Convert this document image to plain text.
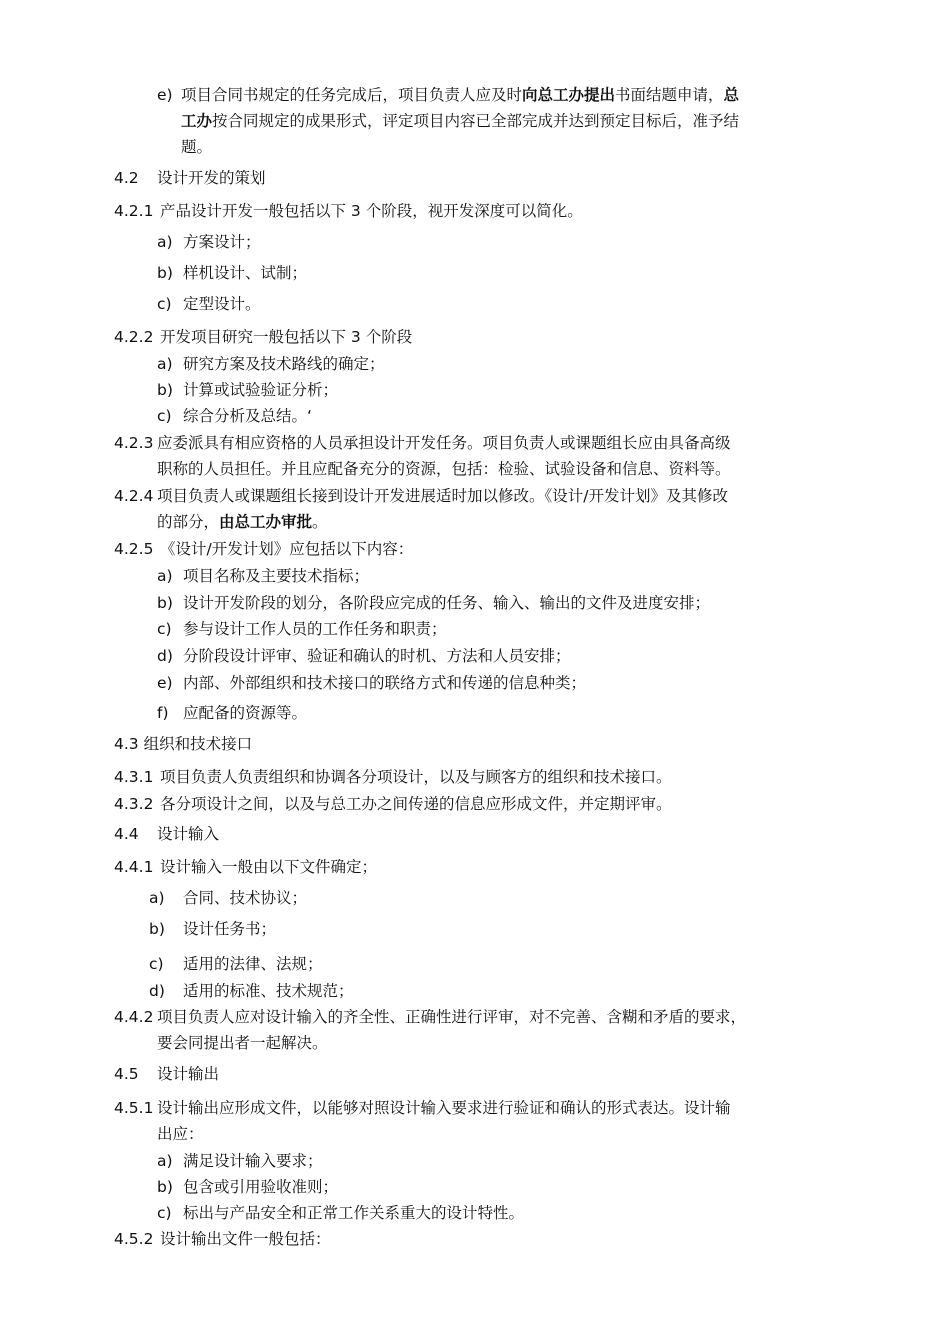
e) 项目合同书规定的任务完成后，项目负责人应及时向总工办提出书面结题申请，总
工办按合同规定的成果形式，评定项目内容已全部完成并达到预定目标后，准予结
题。
4.2 设计开发的策划
4.2.1 产品设计开发一般包括以下 3 个阶段，视开发深度可以简化。
a) 方案设计；
b) 样机设计、试制；
c) 定型设计。
4.2.2 开发项目研究一般包括以下 3 个阶段
a) 研究方案及技术路线的确定；
b) 计算或试验验证分析；
c) 综合分析及总结。‘
4.2.3 应委派具有相应资格的人员承担设计开发任务。项目负责人或课题组长应由具备高级
职称的人员担任。并且应配备充分的资源，包括：检验、试验设备和信息、资料等。
4.2.4 项目负责人或课题组长接到设计开发进展适时加以修改。《设计/开发计划》及其修改
的部分，由总工办审批。
4.2.5 《设计/开发计划》应包括以下内容：
a) 项目名称及主要技术指标；
b) 设计开发阶段的划分，各阶段应完成的任务、输入、输出的文件及进度安排；
c) 参与设计工作人员的工作任务和职责；
d) 分阶段设计评审、验证和确认的时机、方法和人员安排；
e) 内部、外部组织和技术接口的联络方式和传递的信息种类；
f) 应配备的资源等。
4.3 组织和技术接口
4.3.1 项目负责人负责组织和协调各分项设计，以及与顾客方的组织和技术接口。
4.3.2 各分项设计之间，以及与总工办之间传递的信息应形成文件，并定期评审。
4.4 设计输入
4.4.1 设计输入一般由以下文件确定；
a) 合同、技术协议；
b) 设计任务书；
c) 适用的法律、法规；
d) 适用的标准、技术规范；
4.4.2 项目负责人应对设计输入的齐全性、正确性进行评审，对不完善、含糊和矛盾的要求，
要会同提出者一起解决。
4.5 设计输出
4.5.1 设计输出应形成文件，以能够对照设计输入要求进行验证和确认的形式表达。设计输
出应：
a) 满足设计输入要求；
b) 包含或引用验收准则；
c) 标出与产品安全和正常工作关系重大的设计特性。
4.5.2 设计输出文件一般包括：
